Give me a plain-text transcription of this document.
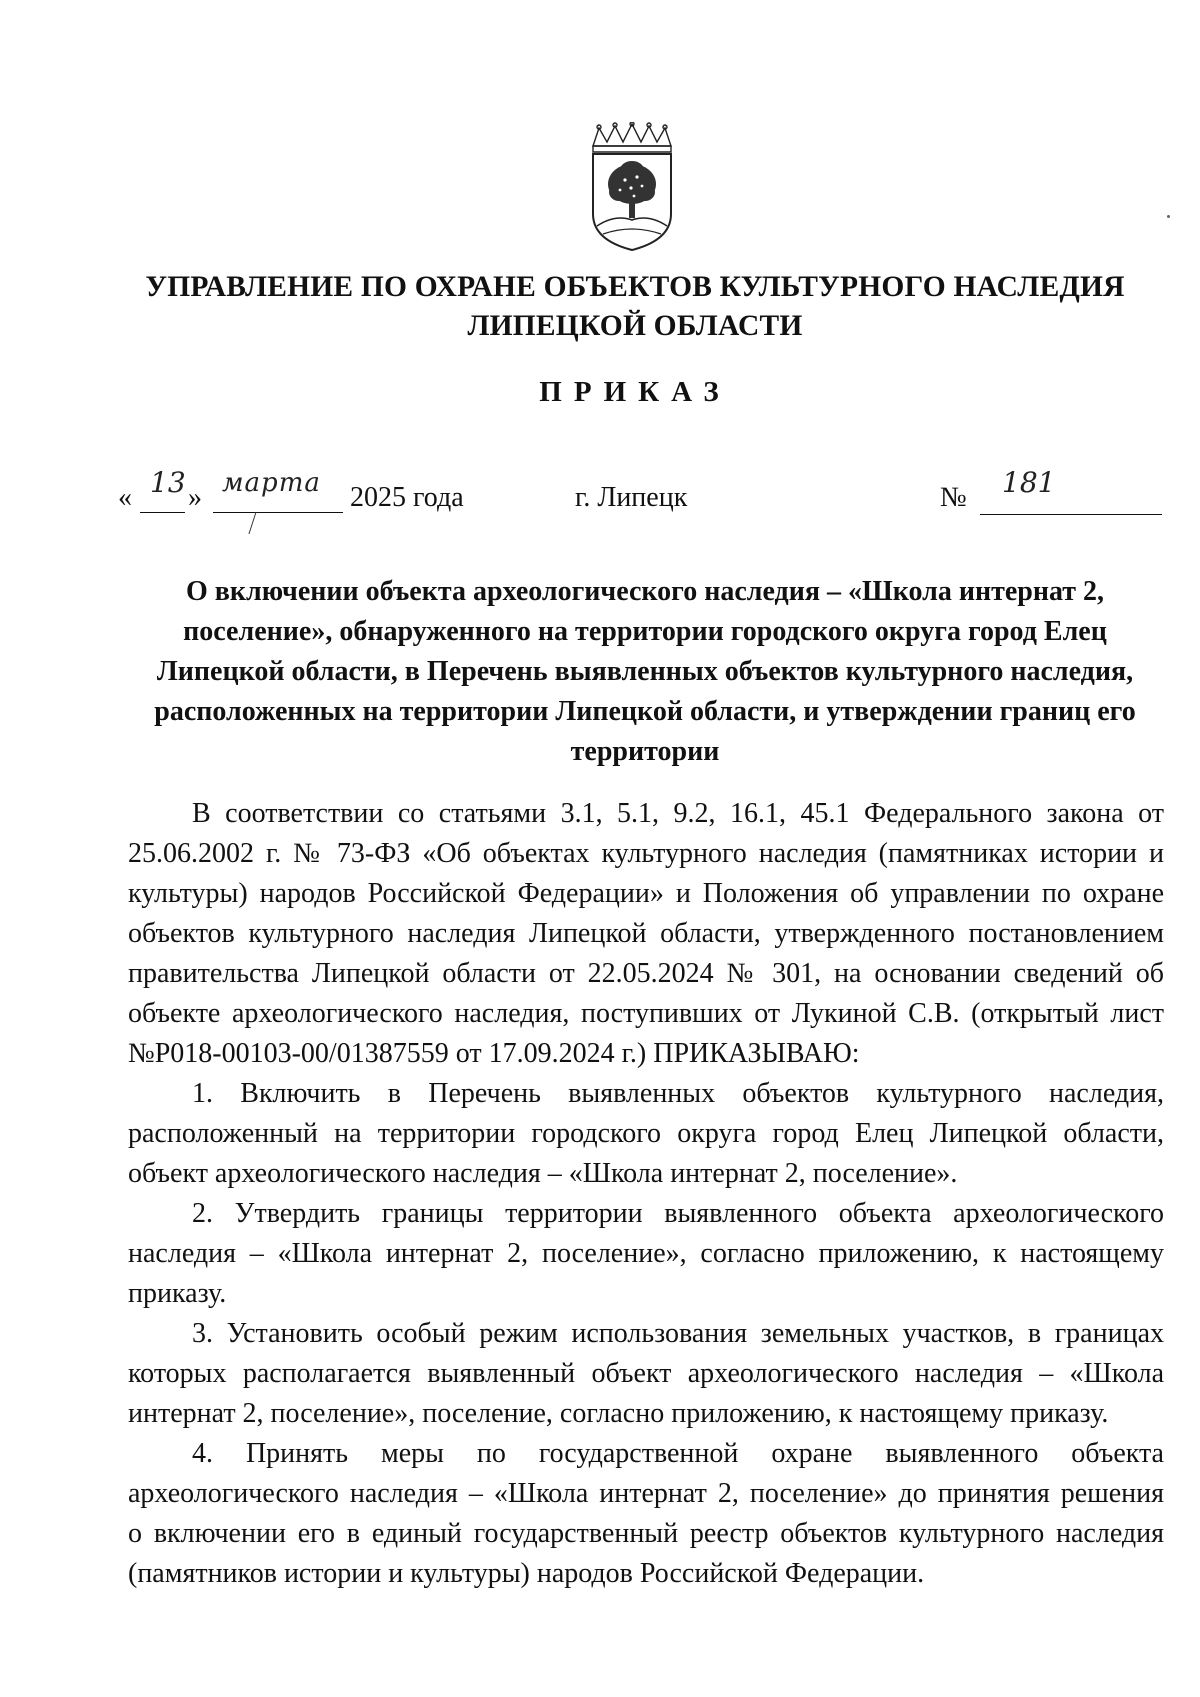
УПРАВЛЕНИЕ ПО ОХРАНЕ ОБЪЕКТОВ КУЛЬТУРНОГО НАСЛЕДИЯ
ЛИПЕЦКОЙ ОБЛАСТИ
ПРИКАЗ
« 13 » марта 2025 года	г. Липецк	№ 181
О включении объекта археологического наследия – «Школа интернат 2,
поселение», обнаруженного на территории городского округа город Елец
Липецкой области, в Перечень выявленных объектов культурного наследия,
расположенных на территории Липецкой области, и утверждении границ его
территории
В соответствии со статьями 3.1, 5.1, 9.2, 16.1, 45.1 Федерального закона от
25.06.2002 г. № 73-ФЗ «Об объектах культурного наследия (памятниках истории и
культуры) народов Российской Федерации» и Положения об управлении по охране
объектов культурного наследия Липецкой области, утвержденного постановлением
правительства Липецкой области от 22.05.2024 № 301, на основании сведений об
объекте археологического наследия, поступивших от Лукиной С.В. (открытый лист
№Р018-00103-00/01387559 от 17.09.2024 г.) ПРИКАЗЫВАЮ:
1. Включить в Перечень выявленных объектов культурного наследия,
расположенный на территории городского округа город Елец Липецкой области,
объект археологического наследия – «Школа интернат 2, поселение».
2. Утвердить границы территории выявленного объекта археологического
наследия – «Школа интернат 2, поселение», согласно приложению, к настоящему
приказу.
3. Установить особый режим использования земельных участков, в границах
которых располагается выявленный объект археологического наследия – «Школа
интернат 2, поселение», поселение, согласно приложению, к настоящему приказу.
4. Принять меры по государственной охране выявленного объекта
археологического наследия – «Школа интернат 2, поселение» до принятия решения
о включении его в единый государственный реестр объектов культурного наследия
(памятников истории и культуры) народов Российской Федерации.
